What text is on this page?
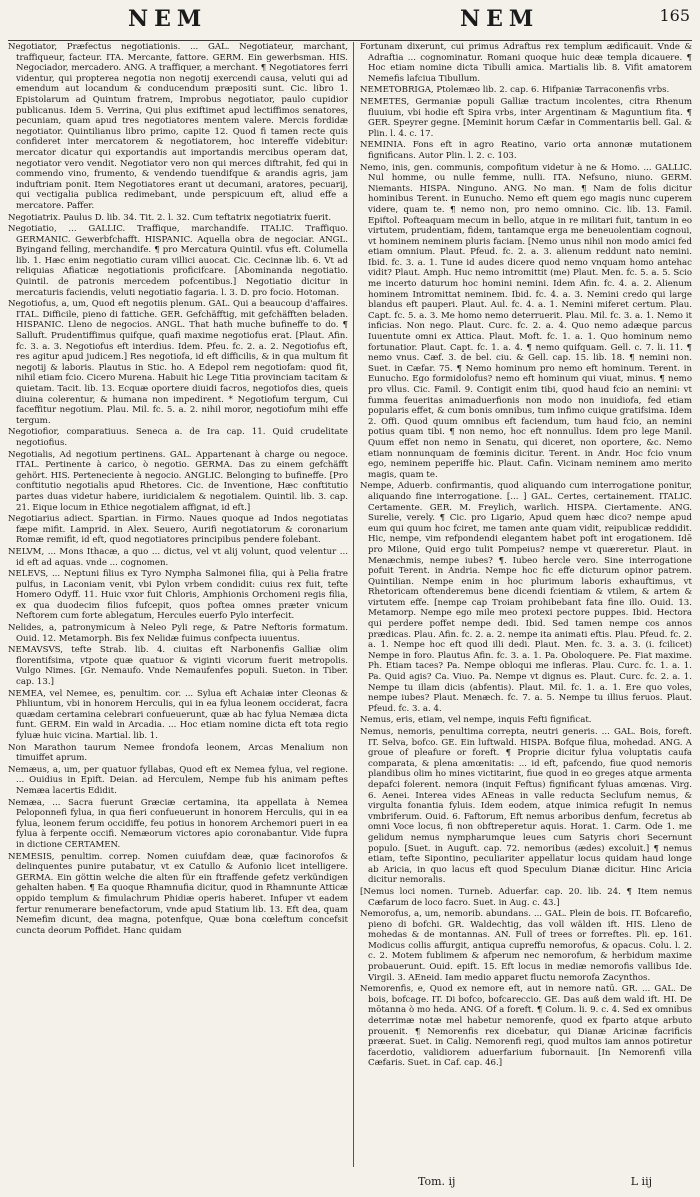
NEM	NEM	165

Negotiator, Præfectus negotiationis. ... GAL. Negotiateur, marchant, traffiqueur, facteur. ITA. Mercante, fattore. GERM. Ein gewerbsman. HIS. Negociador, mercadero. ANG. A traffiquer, a merchant. ¶ Negotiatores ferri videntur, qui propterea negotia non negotij exercendi causa, veluti qui ad emendum aut locandum & conducendum præpositi sunt. Cic. libro 1. Epistolarum ad Quintum fratrem, Improbus negotiator, paulo cupidior publicanus. Idem 5. Verrina, Qui plus exiftimet apud lectiffimos senatores, pecuniam, quam apud tres negotiatores mentem valere. Mercis fordidæ negotiator. Quintilianus libro primo, capite 12. Quod fi tamen recte quis confideret inter mercatorem & negotiatorem, hoc intereffe videbitur: mercator dicatur qui exportandis aut importandis mercibus operam dat, negotiator vero vendit. Negotiator vero non qui merces diftrahit, fed qui in commendo vino, frumento, & vendendo tuendifque & arandis agris, jam induftriam ponit. Item Negotiatores erant ut decumani, aratores, pecuarij, qui vectigalia publica redimebant, unde perspicuum eft, aliud effe a mercatore. Paffer.

Negotiatrix. Paulus D. lib. 34. Tit. 2. l. 32. Cum teftatrix negotiatrix fuerit.

Negotiatio, ... GALLIC. Traffique, marchandife. ITALIC. Traffiquo. GERMANIC. Gewerbfchafft. HISPANIC. Aquella obra de negociar. ANGL. Byingand felling, merchandife. ¶ pro Mercatura Quintil. vfus eft. Columella lib. 1. Hæc enim negotiatio curam villici auocat. Cic. Cecinnæ lib. 6. Vt ad reliquias Afiaticæ negotiationis proficifcare. [Abominanda negotiatio. Quintil. de patronis mercedem pofcentibus.] Negotiatio dicitur in mercaturis faciendis, veluti negotiatio fagaria. l. 3. D. pro focio. Hotoman.

Negotiofus, a, um, Quod eft negotiis plenum. GAL. Qui a beaucoup d'affaires. ITAL. Difficile, pieno di fattiche. GER. Gefchäfftig, mit gefchäfften beladen. HISPANIC. Lleno de negocios. ANGL. That hath muche bufineffe to do. ¶ Salluft. Prudentiffimus quifque, quafi maxime negotiofus erat. [Plaut. Afin. fc. 3. a. 3. Negotiofus eft interdius. Idem. Pfeu. fc. 2. a. 2. Negotiofus eft, res agitur apud judicem.] Res negotiofa, id eft difficilis, & in qua multum fit negotij & laboris. Plautus in Stic. ho. A Edepol rem negotiofam: quod fit, nihil etiam fcio. Cicero Murena. Habuit hic Lege Titia provinciam tacitam & quietam. Tacit. lib. 13. Ecquæ oportere diuidi facros, negotiofos dies, queis diuina colerentur, & humana non impedirent. * Negotiofum tergum, Cui faceffitur negotium. Plau. Mil. fc. 5. a. 2. nihil moror, negotiofum mihi effe tergum.

Negotiofior, comparatiuus. Seneca a. de Ira cap. 11. Quid crudelitate negotiofius.

Negotialis, Ad negotium pertinens. GAL. Appartenant à charge ou negoce. ITAL. Pertinente à carico, ò negotio. GERMA. Das zu einem gefchäfft gehört. HIS. Perteneciente à negocio. ANGLIC. Belonging to bufineffe. [Pro conftitutio negotialis apud Rhetores. Cic. de Inventione, Hæc conftitutio partes duas videtur habere, iuridicialem & negotialem. Quintil. lib. 3. cap. 21. Eique locum in Ethice negotialem affignat, id eft.]

Negotiarius adiect. Spartian. in Firmo. Naues quoque ad Indos negotiatas fæpe mifit. Lamprid. in Alex. Seuero, Aurifi negotiatorum & coronarium Romæ remifit, id eft, quod negotiatores principibus pendere folebant.

NELVM, ... Mons Ithacæ, a quo ... dictus, vel vt alij volunt, quod velentur ... id eft ad aquas. vnde ... cognomen.

NELEVS, ... Neptuni filius ex Tyro Nympha Salmonei filia, qui à Pelia fratre pulfus, in Laconiam venit, vbi Pylon vrbem condidit: cuius rex fuit, tefte Homero Odyff. 11. Huic vxor fuit Chloris, Amphionis Orchomeni regis filia, ex qua duodecim filios fufcepit, quos poftea omnes præter vnicum Neftorem cum forte ablegatum, Hercules euerfo Pylo interfecit.

Nelides, a, patronymicum à Neleo Pyli rege, & Patre Neftoris formatum. Ouid. 12. Metamorph. Bis fex Nelidæ fuimus confpecta iuuentus.

NEMAVSVS, tefte Strab. lib. 4. ciuitas eft Narbonenfis Galliæ olim florentifsima, vtpote quæ quatuor & viginti vicorum fuerit metropolis. Vulgo Nimes. [Gr. Nemaufo. Vnde Nemaufenfes populi. Sueton. in Tiber. cap. 13.]

NEMEA, vel Nemee, es, penultim. cor. ... Sylua eft Achaiæ inter Cleonas & Phliuntum, vbi in honorem Herculis, qui in ea fylua leonem occiderat, facra quædam certamina celebrari confueuerunt, quæ ab hac fylua Nemæa dicta funt. GERM. Ein wald in Arcadia. ... Hoc etiam nomine dicta eft tota regio fyluæ huic vicina. Martial. lib. 1.

Non Marathon taurum Nemee frondofa leonem, Arcas Menalium non timuiffet aprum.

Nemæus, a, um, per quatuor fyllabas, Quod eft ex Nemea fylua, vel regione. ... Ouidius in Epift. Deian. ad Herculem, Nempe fub his animam peftes Nemæa lacertis Edidit.

Nemæa, ... Sacra fuerunt Græciæ certamina, ita appellata à Nemea Peloponnefi fylua, in qua fieri confueuerunt in honorem Herculis, qui in ea fylua, leonem ferum occidiffe, feu potius in honorem Archemori pueri in ea fylua à ferpente occifi. Nemæorum victores apio coronabantur. Vide fupra in dictione CERTAMEN.

NEMESIS, penultim. correp. Nomen cuiufdam deæ, quæ facinorofos & delinquentes punire putabatur, vt ex Catullo & Aufonio licet intelligere. GERMA. Ein göttin welche die alten für ein ftraffende gefetz verkündigen gehalten haben. ¶ Ea quoque Rhamnufia dicitur, quod in Rhamnunte Atticæ oppido templum & fimulachrum Phidiæ operis haberet. Infuper vt eadem fertur renumerare benefactorum, vnde apud Statium lib. 13. Eft dea, quam Nemefim dicunt, dea magna, potenfque, Quæ bona cœleftum concefsit cuncta deorum Poffidet. Hanc quidam

Fortunam dixerunt, cui primus Adraftus rex templum ædificauit. Vnde & Adraftia ... cognominatur. Romani quoque huic deæ templa dicauere. ¶ Hoc etiam nomine dicta Tibulli amica. Martialis lib. 8. Vifit amatorem Nemefis lafciua Tibullum.

NEMETOBRIGA, Ptolemæo lib. 2. cap. 6. Hifpaniæ Tarraconenfis vrbs.

NEMETES, Germaniæ populi Galliæ tractum incolentes, citra Rhenum fluuium, vbi hodie eft Spira vrbs, inter Argentinam & Maguntium fita. ¶ GER. Speyrer gegne. [Meminit horum Cæfar in Commentariis bell. Gal. & Plin. l. 4. c. 17.

NEMINIA. Fons eft in agro Reatino, vario orta annonæ mutationem fignificans. Autor Plin. l. 2. c. 103.

Nemo, inis, gen. communis, compofitum videtur à ne & Homo. ... GALLIC. Nul homme, ou nulle femme, nulli. ITA. Nefsuno, niuno. GERM. Niemants. HISPA. Ninguno. ANG. No man. ¶ Nam de folis dicitur hominibus Terent. in Eunucho. Nemo eft quem ego magis nunc cuperem videre, quam te. ¶ nemo non, pro nemo omnino. Cic. lib. 13. Famil. Epiftol. Pofteaquam mecum in bello, atque in re militari fuit, tantum in eo virtutem, prudentiam, fidem, tantamque erga me beneuolentiam cognoui, vt hominem neminem pluris faciam. [Nemo unus nihil non modo amici fed etiam omnium. Plaut. Pfeud. fc. 2. a. 3. alienum reddunt nato nemini. Ibid. fc. 3. a. 1. Tune id audes dicere quod nemo vnquam homo antehac vidit? Plaut. Amph. Huc nemo intromittit (me) Plaut. Men. fc. 5. a. 5. Scio me incerto daturum hoc homini nemini. Idem Afin. fc. 4. a. 2. Alienum hominem Intromittat neminem. Ibid. fc. 4. a. 3. Nemini credo qui large blandus eft pauperi. Plaut. Aul. fc. 4. a. 1. Nemini miferet certum. Plau. Capt. fc. 5. a. 3. Me homo nemo deterruerit. Plau. Mil. fc. 3. a. 1. Nemo it inficias. Non nego. Plaut. Curc. fc. 2. a. 4. Quo nemo adæque parcus Iuuentute omni ex Attica. Plaut. Moft. fc. 1. a. 1. Quo hominum nemo fortunatior. Plaut. Capt. fc. 1. a. 4. ¶ nemo quifquam. Gell. c. 7. li. 11. ¶ nemo vnus. Cæf. 3. de bel. ciu. & Gell. cap. 15. lib. 18. ¶ nemini non. Suet. in Cæfar. 75. ¶ Nemo hominum pro nemo eft hominum. Terent. in Eunucho. Ego formidolofus? nemo eft hominum qui viuat, minus. ¶ nemo pro vllus. Cic. Famil. 9. Contigit enim tibi, quod haud fcio an nemini: vt fumma feueritas animaduerfionis non modo non inuidiofa, fed etiam popularis effet, & cum bonis omnibus, tum infimo cuique gratifsima. Idem 2. Offi. Quod quum omnibus eft faciendum, tum haud fcio, an nemini potius quam tibi. ¶ non nemo, hoc eft nonnullus. Idem pro lege Manil. Quum effet non nemo in Senatu, qui diceret, non oportere, &c. Nemo etiam nonnunquam de fœminis dicitur. Terent. in Andr. Hoc fcio vnum ego, neminem peperiffe hic. Plaut. Cafin. Vicinam neminem amo merito magis, quam te.

Nempe, Aduerb. confirmantis, quod aliquando cum interrogatione ponitur, aliquando fine interrogatione. [... ] GAL. Certes, certainement. ITALIC. Certamente. GER. M. Freylich, warlich. HISPA. Ciertamente. ANG. Surelie, verely. ¶ Cic. pro Ligario, Apud quem hæc dico? nempe apud eum qui quum hoc fciret, me tamen ante quam vidit, reipublicæ reddidit. Hic, nempe, vim refpondendi elegantem habet poft int erogationem. Idē pro Milone, Quid ergo tulit Pompeius? nempe vt quæreretur. Plaut. in Menæchmis, nempe iubes? ¶. Iubeo hercle vero. Sine interrogatione pofuit Terent. in Andria. Nempe hoc fic effe dicturum opinor patrem. Quintilian. Nempe enim in hoc plurimum laboris exhauftimus, vt Rhetoricam oftenderemus bene dicendi fcientiam & vtilem, & artem & virtutem effe. [nempe cap Troiam prohibebant fata fine illo. Ouid. 13. Metamorp. Nempe ego mile meo protexi pectore puppes. Ibid. Hectora qui perdere poffet nempe dedi. Ibid. Sed tamen nempe cos annos prædicas. Plau. Afin. fc. 2. a. 2. nempe ita animati eftis. Plau. Pfeud. fc. 2. a. 1. Nempe hoc eft quod illi dedi. Plaut. Men. fc. 3. a. 3. (i. fcilicet) Nempe in foro. Plautus Afin. fc. 3. a. 1. Pa. Oboloquere. Pe. Fiat maxime. Ph. Etiam taces? Pa. Nempe obloqui me infleras. Plau. Curc. fc. 1. a. 1. Pa. Quid agis? Ca. Viuo. Pa. Nempe vt dignus es. Plaut. Curc. fc. 2. a. 1. Nempe tu illam dicis (abfentis). Plaut. Mil. fc. 1. a. 1. Ere quo voles, nempe iubes? Plaut. Menæch. fc. 7. a. 5. Nempe tu illius feruos. Plaut. Pfeud. fc. 3. a. 4.

Nemus, eris, etiam, vel nempe, inquis Fefti fignificat.

Nemus, nemoris, penultima correpta, neutri generis. ... GAL. Bois, foreft. IT. Selva, bofco. GE. Ein luftwald. HISPA. Bofque filua, mohedad. ANG. A groue of pleafure or foreft. ¶ Proprie dicitur fylua voluptatis caufa comparata, & plena amœnitatis: ... id eft, pafcendo, fiue quod nemoris plandibus olim ho mines victitarint, fiue quod in eo greges atque armenta depafci folerent. nemora (inquit Feftus) fignificant fyluas amœnas. Virg. 6. Aenei. Interea vides AEneas in valle reducta Seclufum nemus, & virgulta fonantia fyluis. Idem eodem, atque inimica refugit In nemus vmbriferum. Ouid. 6. Faftorum, Eft nemus arboribus denfum, fecretus ab omni Voce locus, fi non obftreperetur aquis. Horat. 1. Carm. Ode 1. me gelidum nemus nympharumque leues cum Satyris chori Secernunt populo. [Suet. in Auguft. cap. 72. nemoribus (ædes) excoluit.] ¶ nemus etiam, tefte Sipontino, peculiariter appellatur locus quidam haud longe ab Aricia, in quo lacus eft quod Speculum Dianæ dicitur. Hinc Aricia dicitur nemoralis.

[Nemus loci nomen. Turneb. Aduerfar. cap. 20. lib. 24. ¶ Item nemus Cæfarum de loco facro. Suet. in Aug. c. 43.]

Nemorofus, a, um, nemorib. abundans. ... GAL. Plein de bois. IT. Bofcarefio, pieno di bofchi. GR. Waldechtig, das voll wälden ift. HIS. Lleno de mohedas & de montannas. AN. Full of trees or forreftes. Pli. ep. 161. Modicus collis affurgit, antiqua cupreffu nemorofus, & opacus. Colu. l. 2. c. 2. Motem fublimem & afperum nec nemorofum, & herbidum maxime probauerunt. Ouid. epift. 15. Eft locus in mediæ nemorofis vallibus Ide. Virgil. 3. AEneid. Iam medio apparet fluctu nemorofa Zacynthos.

Nemorenfis, e, Quod ex nemore eft, aut in nemore natū. GR. ... GAL. De bois, bofcage. IT. Di bofco, bofcareccio. GE. Das auß dem wald ift. HI. De mōtanna ò mo heda. ANG. Of a foreft. ¶ Colum. li. 9. c. 4. Sed ex omnibus deterrimæ notæ mel habetur nemorenfe, quod ex fparto atque arbuto prouenit. ¶ Nemorenfis rex dicebatur, qui Dianæ Aricinæ facrificis præerat. Suet. in Calig. Nemorenfi regi, quod multos iam annos potiretur facerdotio, validiorem aduerfarium fubornauit. [In Nemorenfi villa Cæfaris. Suet. in Caf. cap. 46.]

Tom. ij	L iij
